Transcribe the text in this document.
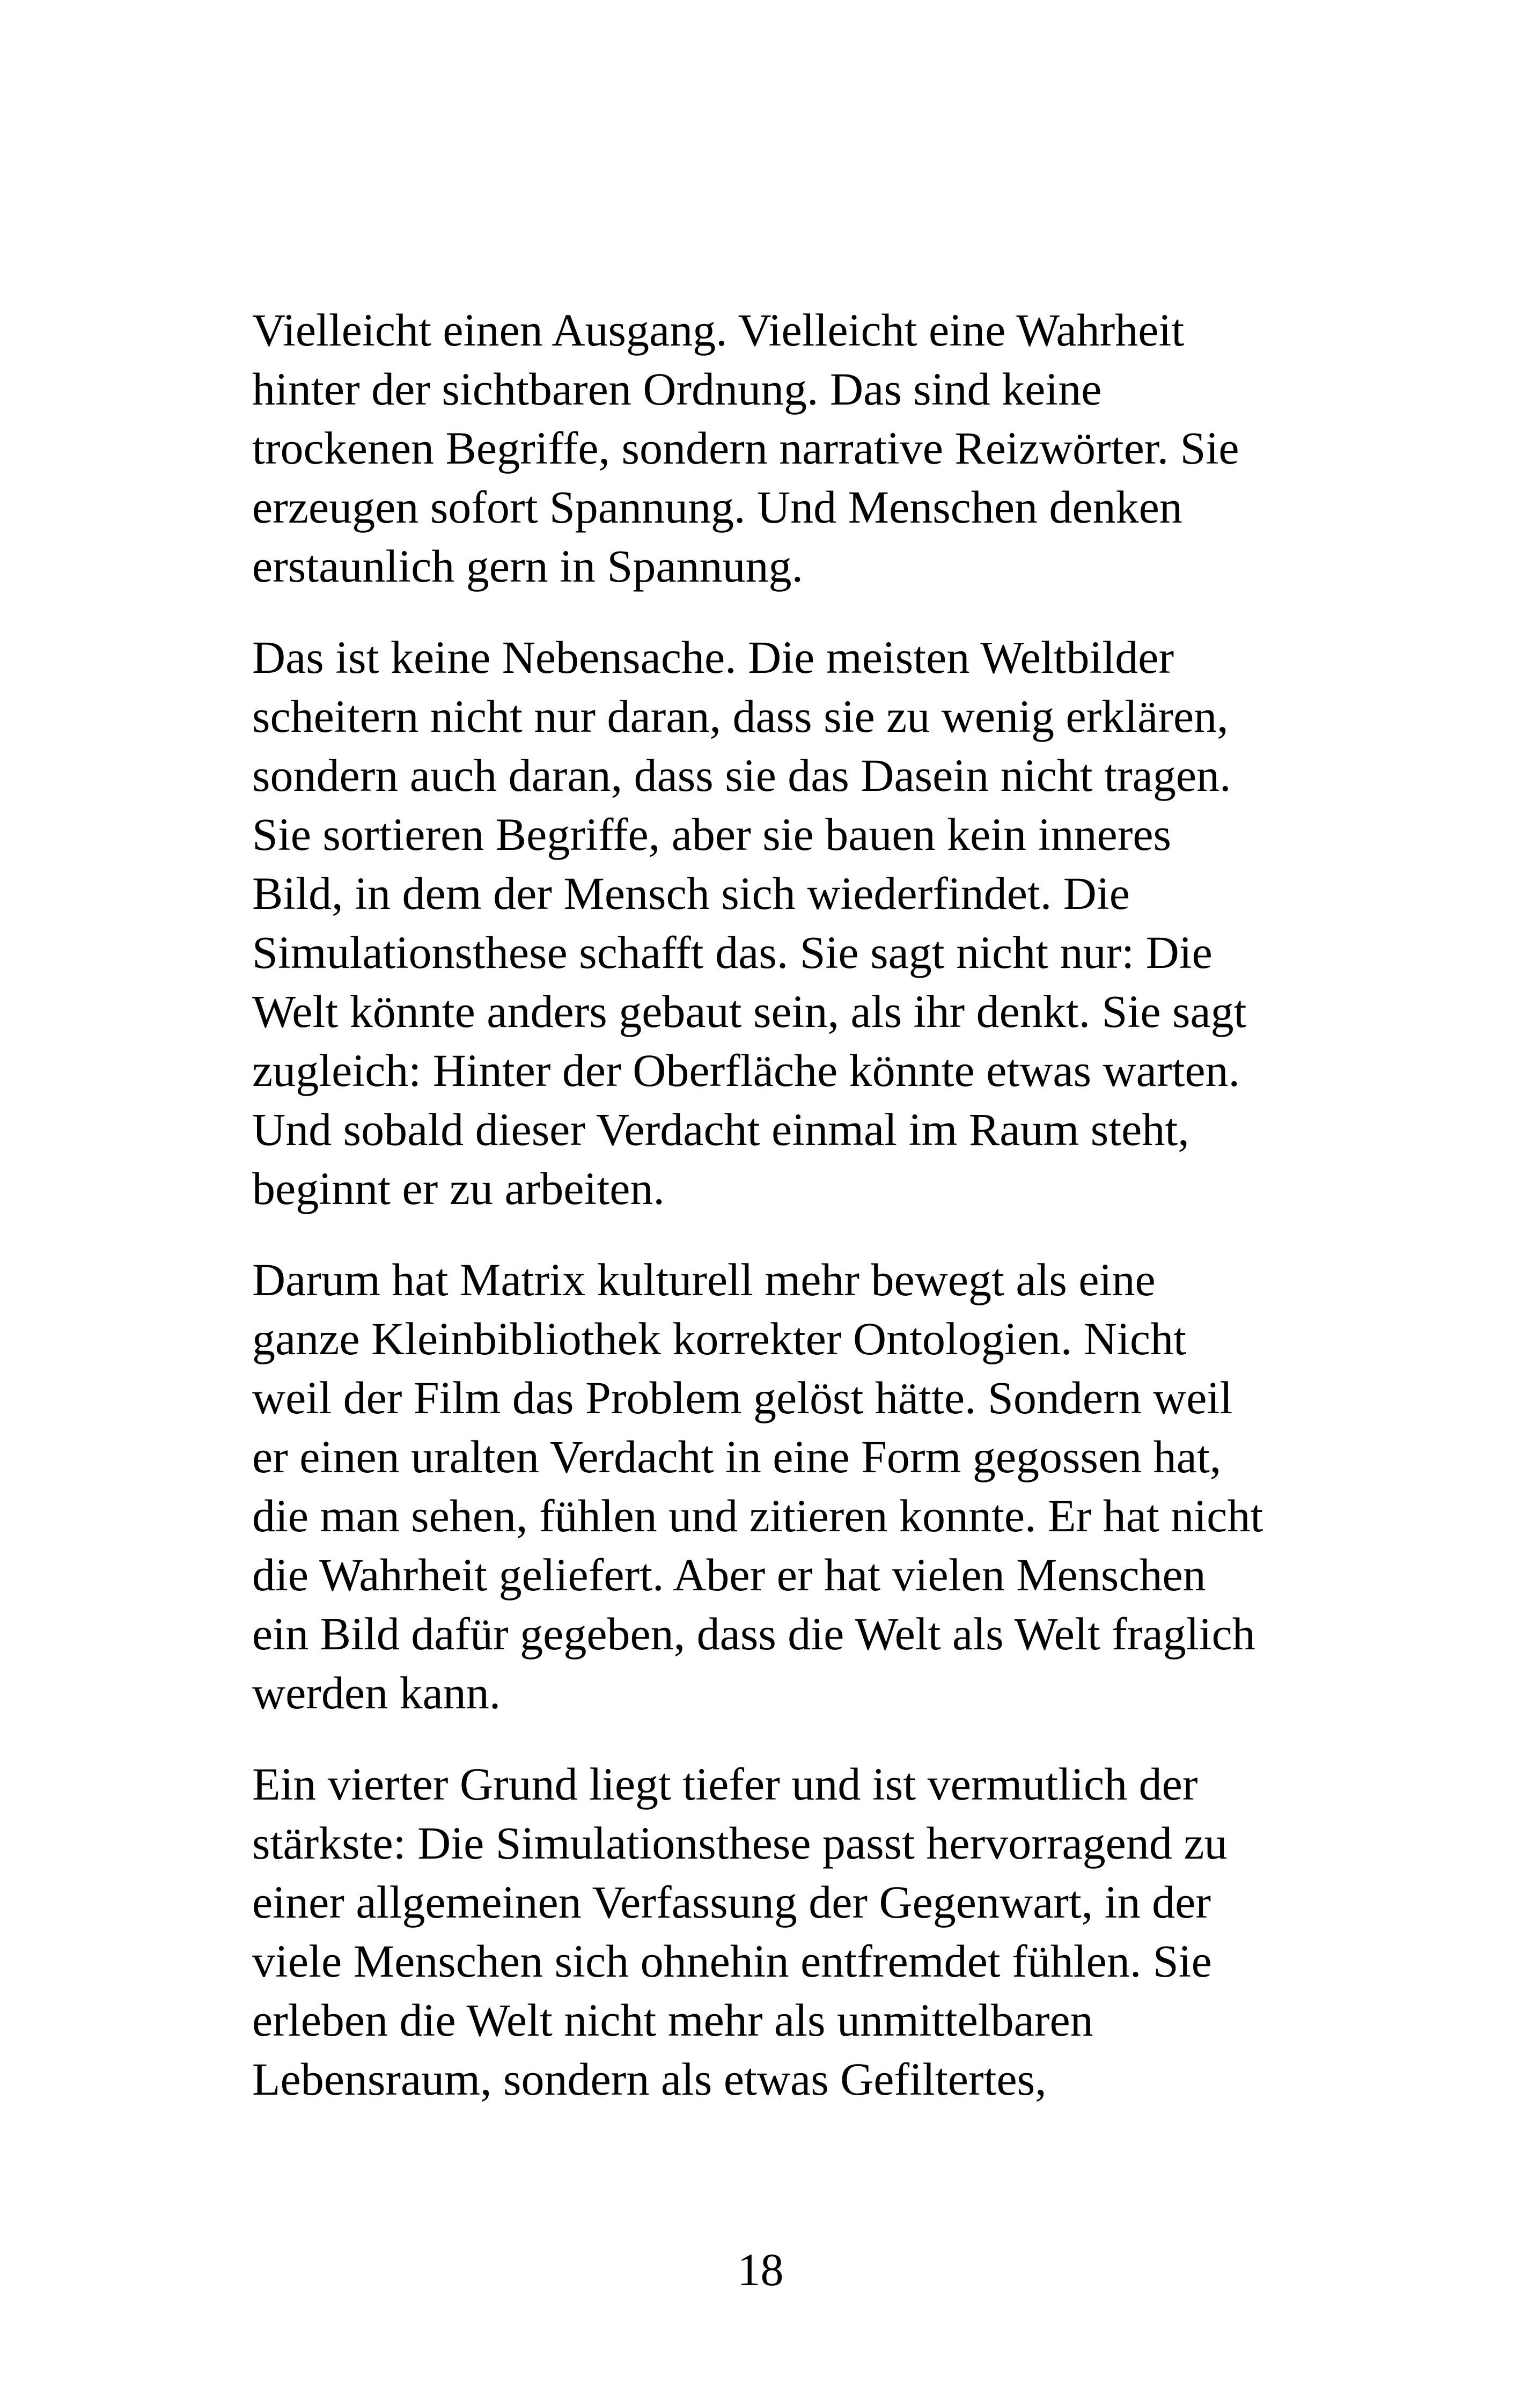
Vielleicht einen Ausgang. Vielleicht eine Wahrheit
hinter der sichtbaren Ordnung. Das sind keine
trockenen Begriffe, sondern narrative Reizwörter. Sie
erzeugen sofort Spannung. Und Menschen denken
erstaunlich gern in Spannung.

Das ist keine Nebensache. Die meisten Weltbilder
scheitern nicht nur daran, dass sie zu wenig erklären,
sondern auch daran, dass sie das Dasein nicht tragen.
Sie sortieren Begriffe, aber sie bauen kein inneres
Bild, in dem der Mensch sich wiederfindet. Die
Simulationsthese schafft das. Sie sagt nicht nur: Die
Welt könnte anders gebaut sein, als ihr denkt. Sie sagt
zugleich: Hinter der Oberfläche könnte etwas warten.
Und sobald dieser Verdacht einmal im Raum steht,
beginnt er zu arbeiten.

Darum hat Matrix kulturell mehr bewegt als eine
ganze Kleinbibliothek korrekter Ontologien. Nicht
weil der Film das Problem gelöst hätte. Sondern weil
er einen uralten Verdacht in eine Form gegossen hat,
die man sehen, fühlen und zitieren konnte. Er hat nicht
die Wahrheit geliefert. Aber er hat vielen Menschen
ein Bild dafür gegeben, dass die Welt als Welt fraglich
werden kann.

Ein vierter Grund liegt tiefer und ist vermutlich der
stärkste: Die Simulationsthese passt hervorragend zu
einer allgemeinen Verfassung der Gegenwart, in der
viele Menschen sich ohnehin entfremdet fühlen. Sie
erleben die Welt nicht mehr als unmittelbaren
Lebensraum, sondern als etwas Gefiltertes,

18
